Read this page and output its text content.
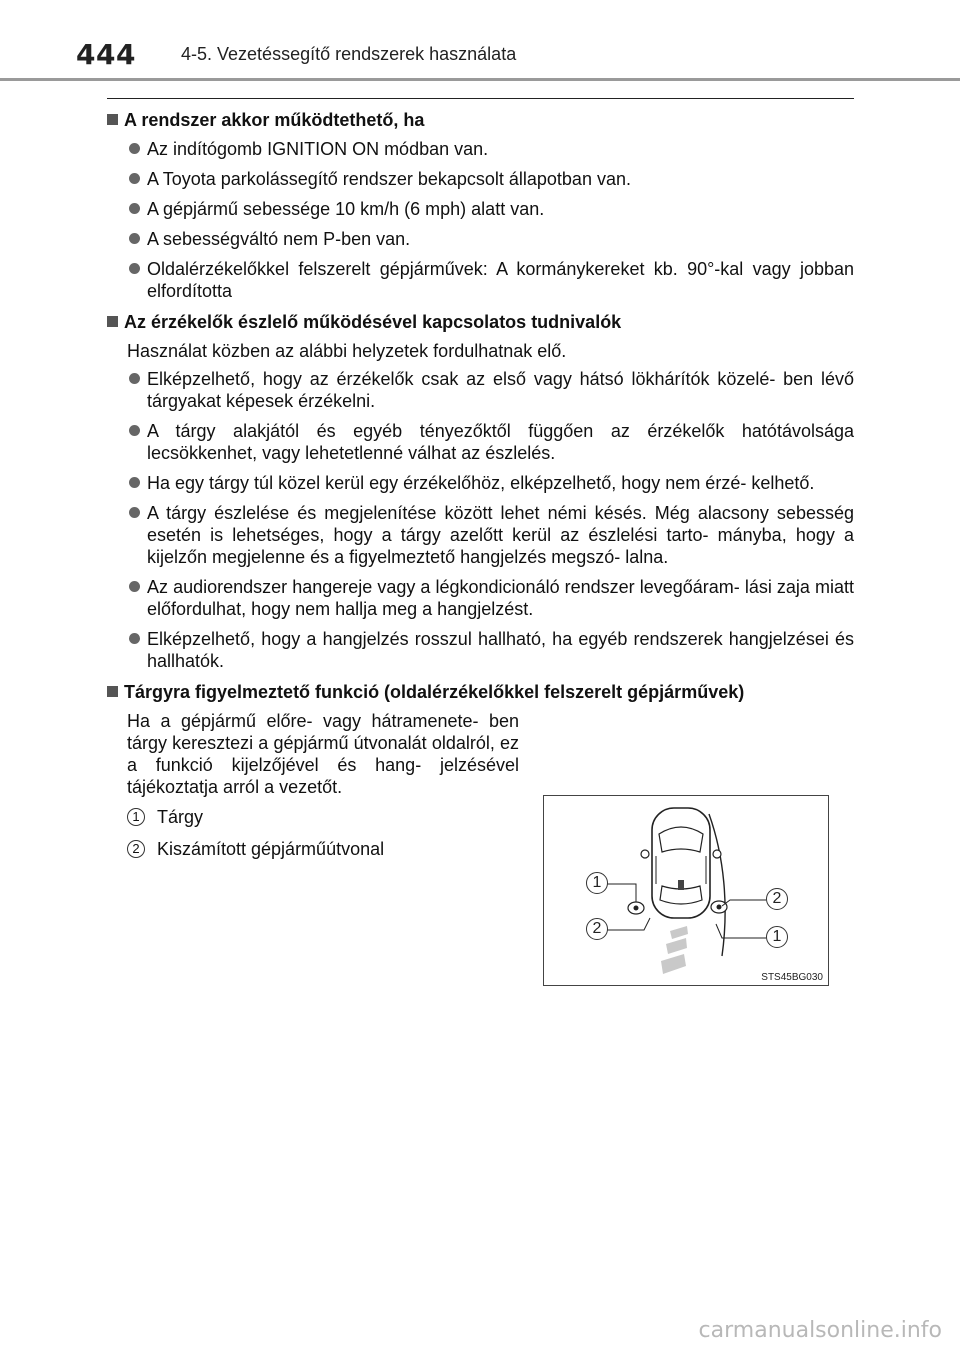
444	4-5. Vezetéssegítő rendszerek használata
A rendszer akkor működtethető, ha
Az indítógomb IGNITION ON módban van.
A Toyota parkolássegítő rendszer bekapcsolt állapotban van.
A gépjármű sebessége 10 km/h (6 mph) alatt van.
A sebességváltó nem P-ben van.
Oldalérzékelőkkel felszerelt gépjárművek: A kormánykereket kb. 90°-kal vagy jobban elfordította
Az érzékelők észlelő működésével kapcsolatos tudnivalók
Használat közben az alábbi helyzetek fordulhatnak elő.
Elképzelhető, hogy az érzékelők csak az első vagy hátsó lökhárítók közelé- ben lévő tárgyakat képesek érzékelni.
A tárgy alakjától és egyéb tényezőktől függően az érzékelők hatótávolsága lecsökkenhet, vagy lehetetlenné válhat az észlelés.
Ha egy tárgy túl közel kerül egy érzékelőhöz, elképzelhető, hogy nem érzé- kelhető.
A tárgy észlelése és megjelenítése között lehet némi késés. Még alacsony sebesség esetén is lehetséges, hogy a tárgy azelőtt kerül az észlelési tarto- mányba, hogy a kijelzőn megjelenne és a figyelmeztető hangjelzés megszó- lalna.
Az audiorendszer hangereje vagy a légkondicionáló rendszer levegőáram- lási zaja miatt előfordulhat, hogy nem hallja meg a hangjelzést.
Elképzelhető, hogy a hangjelzés rosszul hallható, ha egyéb rendszerek hangjelzései és hallhatók.
Tárgyra figyelmeztető funkció (oldalérzékelőkkel felszerelt gépjárművek)
Ha a gépjármű előre- vagy hátramenete- ben tárgy keresztezi a gépjármű útvonalát oldalról, ez a funkció kijelzőjével és hang- jelzésével tájékoztatja arról a vezetőt.
1 Tárgy
2 Kiszámított gépjárműútvonal
1
2
2
1
STS45BG030
carmanualsonline.info
